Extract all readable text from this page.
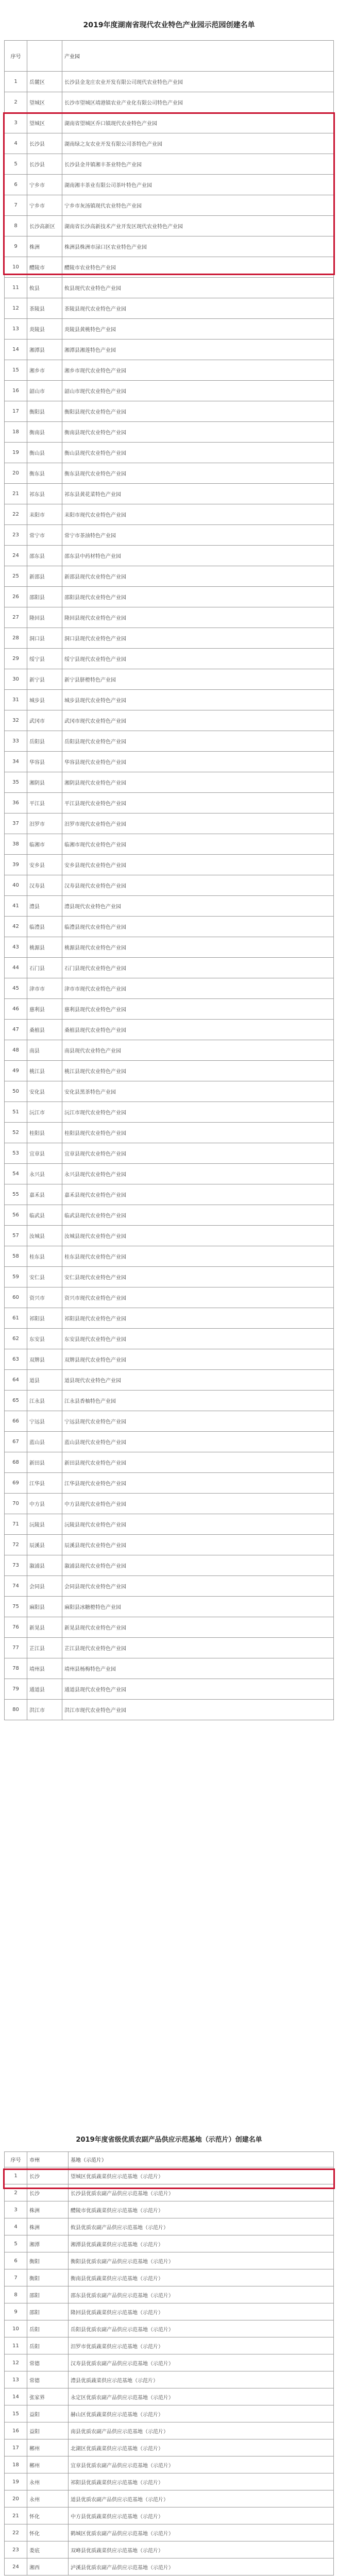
2019年度湖南省现代农业特色产业园示范园创建名单
序号		产业园
1	岳麓区	长沙县金龙庄农业开发有限公司现代农业特色产业园
2	望城区	长沙市望城区靖港镇农业产业化有限公司特色产业园
3	望城区	湖南省望城区乔口镇现代农业特色产业园
4	长沙县	湖南绿之友农业开发有限公司茶特色产业园
5	长沙县	长沙县金井镇湘丰茶业特色产业园
6	宁乡市	湖南湘丰茶业有限公司茶叶特色产业园
7	宁乡市	宁乡市灰汤镇现代农业特色产业园
8	长沙高新区	湖南省长沙高新技术产业开发区现代农业特色产业园
9	株洲	株洲县株洲市渌口区农业特色产业园
10	醴陵市	醴陵市农业特色产业园
11	攸县	攸县现代农业特色产业园
12	茶陵县	茶陵县现代农业特色产业园
13	炎陵县	炎陵县黄桃特色产业园
14	湘潭县	湘潭县湘莲特色产业园
15	湘乡市	湘乡市现代农业特色产业园
16	韶山市	韶山市现代农业特色产业园
17	衡阳县	衡阳县现代农业特色产业园
18	衡南县	衡南县现代农业特色产业园
19	衡山县	衡山县现代农业特色产业园
20	衡东县	衡东县现代农业特色产业园
21	祁东县	祁东县黄花菜特色产业园
22	耒阳市	耒阳市现代农业特色产业园
23	常宁市	常宁市茶油特色产业园
24	邵东县	邵东县中药材特色产业园
25	新邵县	新邵县现代农业特色产业园
26	邵阳县	邵阳县现代农业特色产业园
27	隆回县	隆回县现代农业特色产业园
28	洞口县	洞口县现代农业特色产业园
29	绥宁县	绥宁县现代农业特色产业园
30	新宁县	新宁县脐橙特色产业园
31	城步县	城步县现代农业特色产业园
32	武冈市	武冈市现代农业特色产业园
33	岳阳县	岳阳县现代农业特色产业园
34	华容县	华容县现代农业特色产业园
35	湘阴县	湘阴县现代农业特色产业园
36	平江县	平江县现代农业特色产业园
37	汨罗市	汨罗市现代农业特色产业园
38	临湘市	临湘市现代农业特色产业园
39	安乡县	安乡县现代农业特色产业园
40	汉寿县	汉寿县现代农业特色产业园
41	澧县	澧县现代农业特色产业园
42	临澧县	临澧县现代农业特色产业园
43	桃源县	桃源县现代农业特色产业园
44	石门县	石门县现代农业特色产业园
45	津市市	津市市现代农业特色产业园
46	慈利县	慈利县现代农业特色产业园
47	桑植县	桑植县现代农业特色产业园
48	南县	南县现代农业特色产业园
49	桃江县	桃江县现代农业特色产业园
50	安化县	安化县黑茶特色产业园
51	沅江市	沅江市现代农业特色产业园
52	桂阳县	桂阳县现代农业特色产业园
53	宜章县	宜章县现代农业特色产业园
54	永兴县	永兴县现代农业特色产业园
55	嘉禾县	嘉禾县现代农业特色产业园
56	临武县	临武县现代农业特色产业园
57	汝城县	汝城县现代农业特色产业园
58	桂东县	桂东县现代农业特色产业园
59	安仁县	安仁县现代农业特色产业园
60	资兴市	资兴市现代农业特色产业园
61	祁阳县	祁阳县现代农业特色产业园
62	东安县	东安县现代农业特色产业园
63	双牌县	双牌县现代农业特色产业园
64	道县	道县现代农业特色产业园
65	江永县	江永县香柚特色产业园
66	宁远县	宁远县现代农业特色产业园
67	蓝山县	蓝山县现代农业特色产业园
68	新田县	新田县现代农业特色产业园
69	江华县	江华县现代农业特色产业园
70	中方县	中方县现代农业特色产业园
71	沅陵县	沅陵县现代农业特色产业园
72	辰溪县	辰溪县现代农业特色产业园
73	溆浦县	溆浦县现代农业特色产业园
74	会同县	会同县现代农业特色产业园
75	麻阳县	麻阳县冰糖橙特色产业园
76	新晃县	新晃县现代农业特色产业园
77	芷江县	芷江县现代农业特色产业园
78	靖州县	靖州县杨梅特色产业园
79	通道县	通道县现代农业特色产业园
80	洪江市	洪江市现代农业特色产业园
2019年度省级优质农副产品供应示范基地（示范片）创建名单
序号	市州	基地（示范片）
1	长沙	望城区优质蔬菜供应示范基地（示范片）
2	长沙	长沙县优质农副产品供应示范基地（示范片）
3	株洲	醴陵市优质蔬菜供应示范基地（示范片）
4	株洲	攸县优质农副产品供应示范基地（示范片）
5	湘潭	湘潭县优质蔬菜供应示范基地（示范片）
6	衡阳	衡阳县优质农副产品供应示范基地（示范片）
7	衡阳	衡南县优质蔬菜供应示范基地（示范片）
8	邵阳	邵东县优质农副产品供应示范基地（示范片）
9	邵阳	隆回县优质蔬菜供应示范基地（示范片）
10	岳阳	岳阳县优质农副产品供应示范基地（示范片）
11	岳阳	汨罗市优质蔬菜供应示范基地（示范片）
12	常德	汉寿县优质农副产品供应示范基地（示范片）
13	常德	澧县优质蔬菜供应示范基地（示范片）
14	张家界	永定区优质农副产品供应示范基地（示范片）
15	益阳	赫山区优质蔬菜供应示范基地（示范片）
16	益阳	南县优质农副产品供应示范基地（示范片）
17	郴州	北湖区优质蔬菜供应示范基地（示范片）
18	郴州	宜章县优质农副产品供应示范基地（示范片）
19	永州	祁阳县优质蔬菜供应示范基地（示范片）
20	永州	道县优质农副产品供应示范基地（示范片）
21	怀化	中方县优质蔬菜供应示范基地（示范片）
22	怀化	鹤城区优质农副产品供应示范基地（示范片）
23	娄底	双峰县优质蔬菜供应示范基地（示范片）
24	湘西	泸溪县优质农副产品供应示范基地（示范片）
